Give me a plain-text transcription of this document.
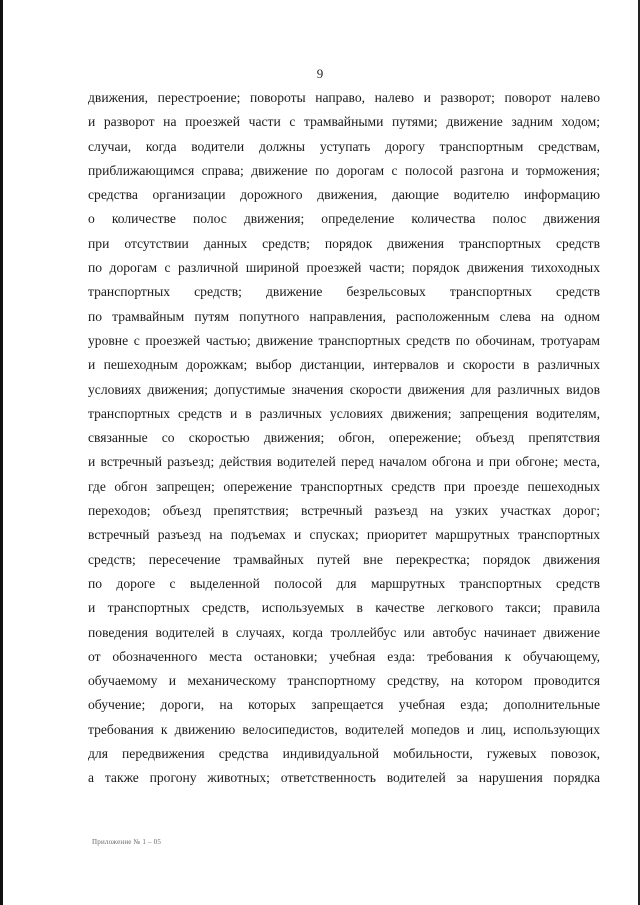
9
движения, перестроение; повороты направо, налево и разворот; поворот налево
и разворот на проезжей части с трамвайными путями; движение задним ходом;
случаи, когда водители должны уступать дорогу транспортным средствам,
приближающимся справа; движение по дорогам с полосой разгона и торможения;
средства организации дорожного движения, дающие водителю информацию
о количестве полос движения; определение количества полос движения
при отсутствии данных средств; порядок движения транспортных средств
по дорогам с различной шириной проезжей части; порядок движения тихоходных
транспортных средств; движение безрельсовых транспортных средств
по трамвайным путям попутного направления, расположенным слева на одном
уровне с проезжей частью; движение транспортных средств по обочинам, тротуарам
и пешеходным дорожкам; выбор дистанции, интервалов и скорости в различных
условиях движения; допустимые значения скорости движения для различных видов
транспортных средств и в различных условиях движения; запрещения водителям,
связанные со скоростью движения; обгон, опережение; объезд препятствия
и встречный разъезд; действия водителей перед началом обгона и при обгоне; места,
где обгон запрещен; опережение транспортных средств при проезде пешеходных
переходов; объезд препятствия; встречный разъезд на узких участках дорог;
встречный разъезд на подъемах и спусках; приоритет маршрутных транспортных
средств; пересечение трамвайных путей вне перекрестка; порядок движения
по дороге с выделенной полосой для маршрутных транспортных средств
и транспортных средств, используемых в качестве легкового такси; правила
поведения водителей в случаях, когда троллейбус или автобус начинает движение
от обозначенного места остановки; учебная езда: требования к обучающему,
обучаемому и механическому транспортному средству, на котором проводится
обучение; дороги, на которых запрещается учебная езда; дополнительные
требования к движению велосипедистов, водителей мопедов и лиц, использующих
для передвижения средства индивидуальной мобильности, гужевых повозок,
а также прогону животных; ответственность водителей за нарушения порядка
Приложение № 1 – 05
